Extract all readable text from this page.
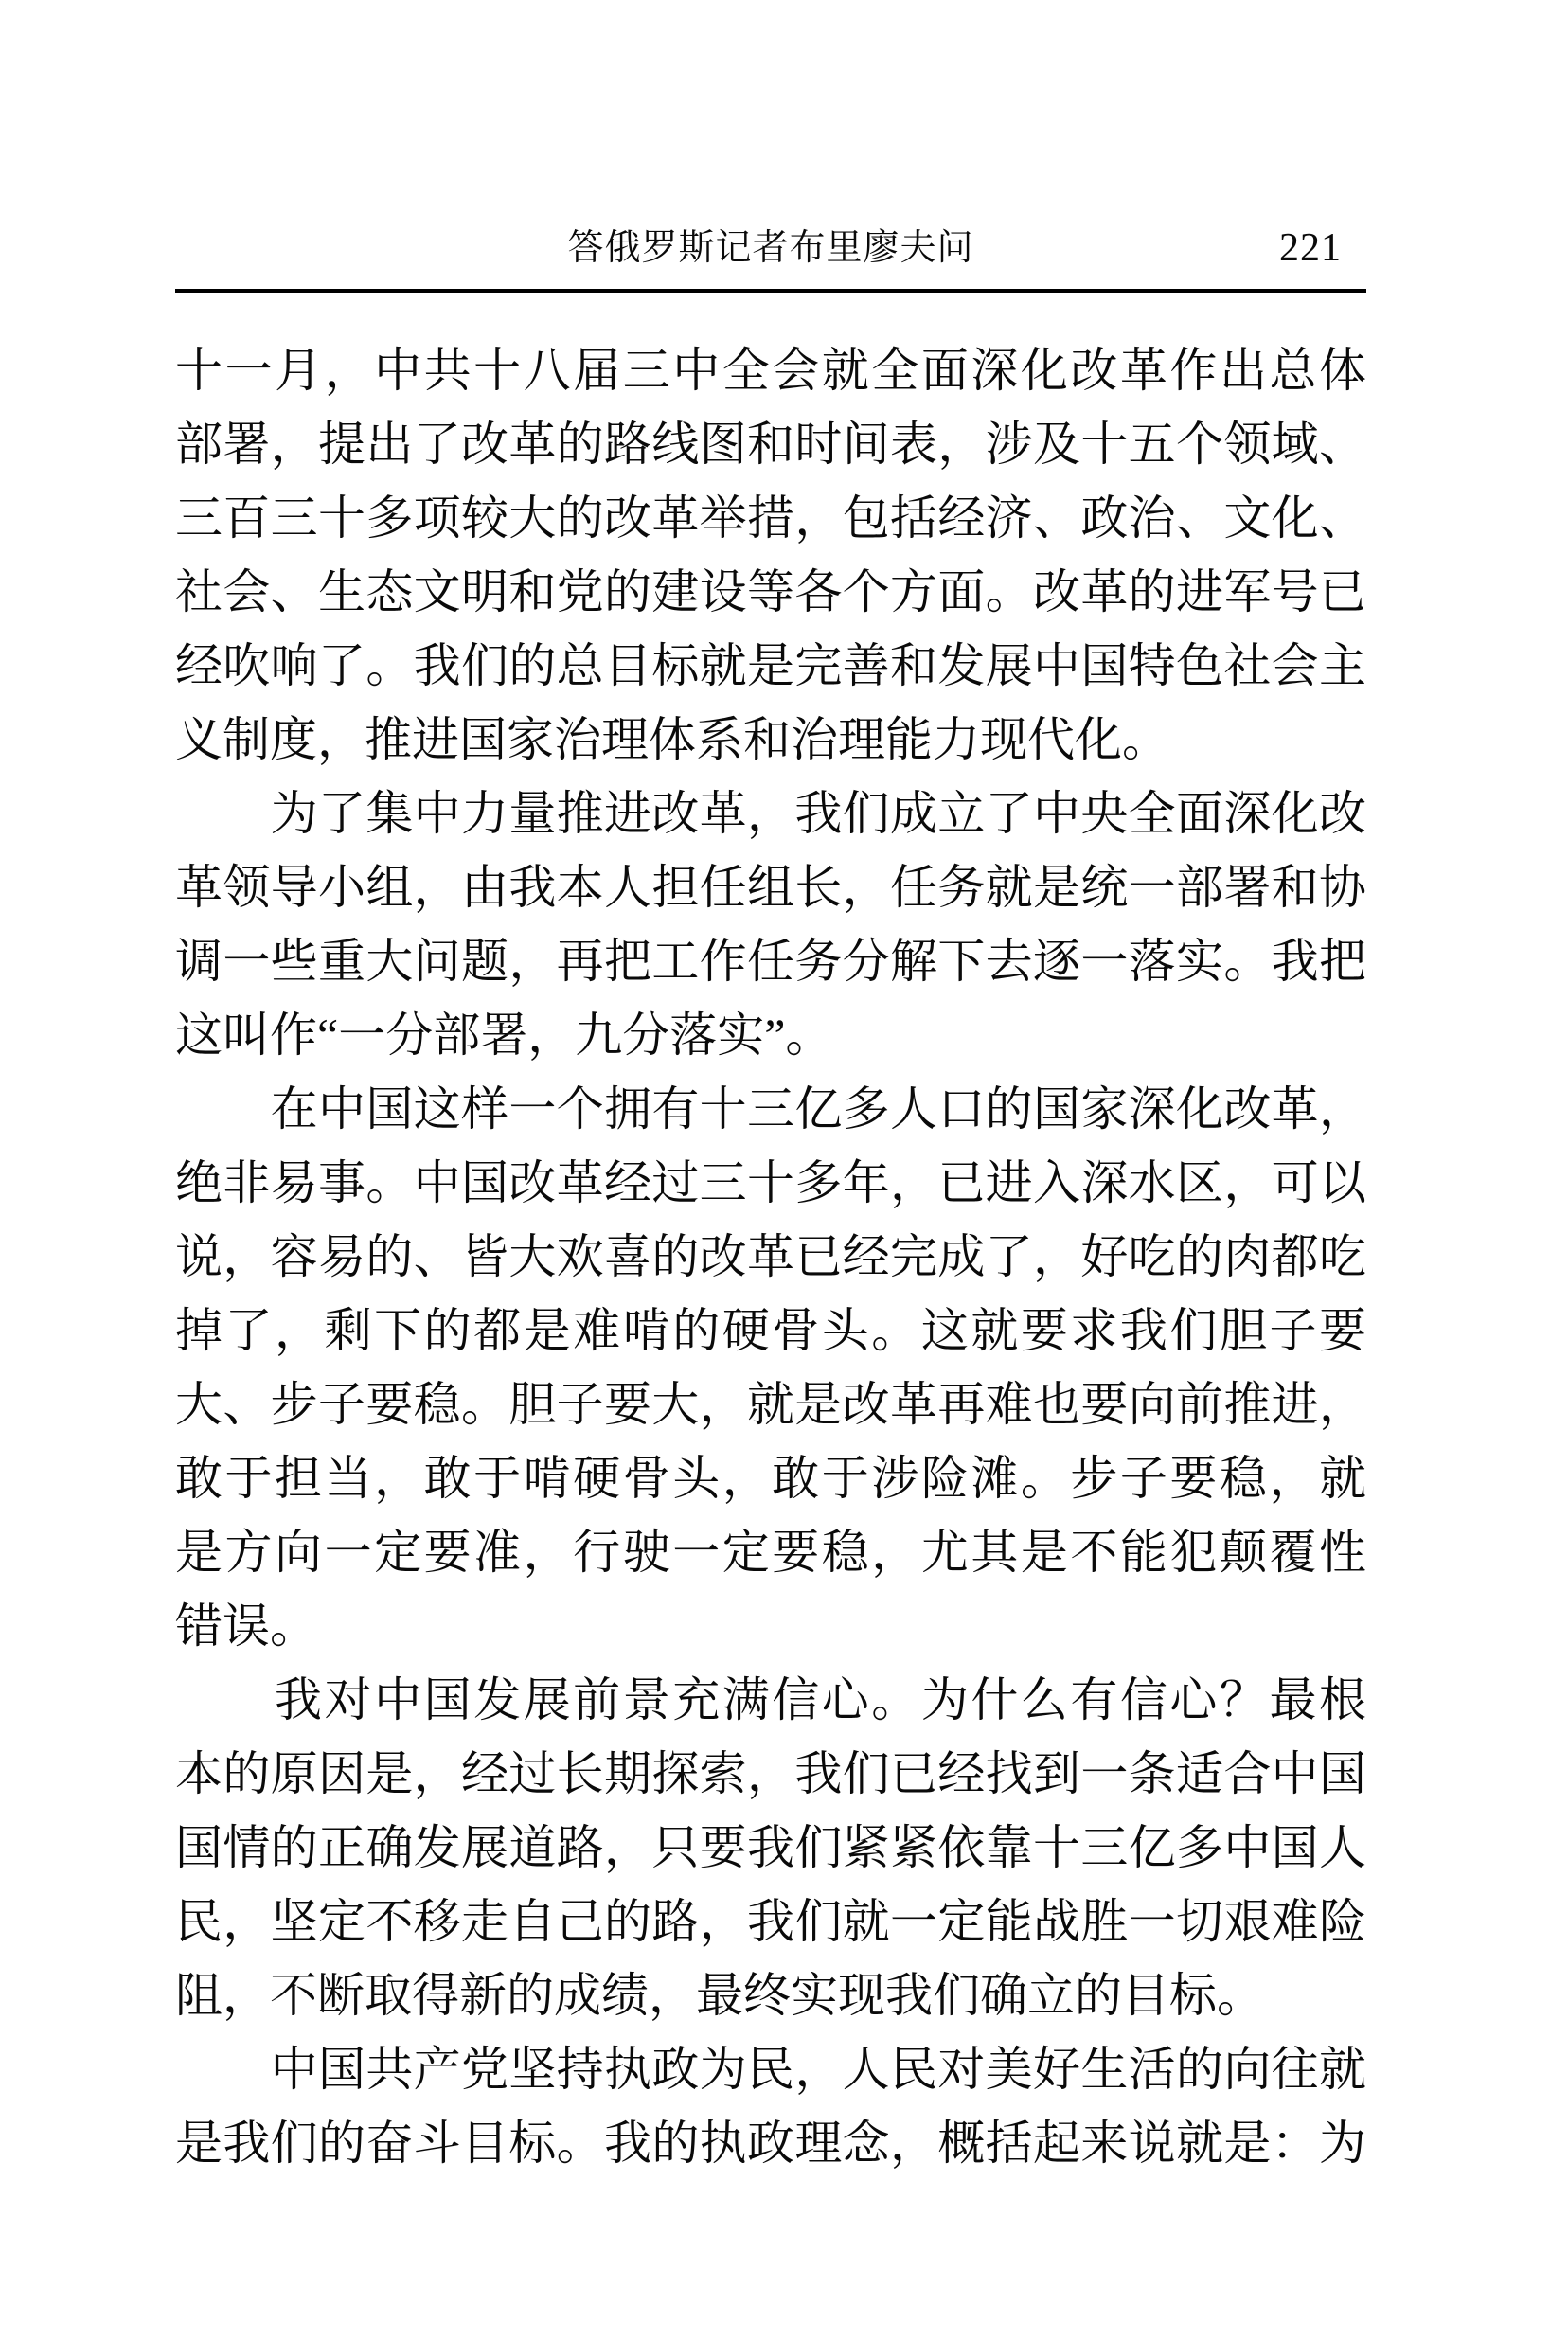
答俄罗斯记者布里廖夫问	221
十一月，中共十八届三中全会就全面深化改革作出总体
部署，提出了改革的路线图和时间表，涉及十五个领域、
三百三十多项较大的改革举措，包括经济、政治、文化、
社会、生态文明和党的建设等各个方面。改革的进军号已
经吹响了。我们的总目标就是完善和发展中国特色社会主
义制度，推进国家治理体系和治理能力现代化。
　　为了集中力量推进改革，我们成立了中央全面深化改
革领导小组，由我本人担任组长，任务就是统一部署和协
调一些重大问题，再把工作任务分解下去逐一落实。我把
这叫作“一分部署，九分落实”。
　　在中国这样一个拥有十三亿多人口的国家深化改革，
绝非易事。中国改革经过三十多年，已进入深水区，可以
说，容易的、皆大欢喜的改革已经完成了，好吃的肉都吃
掉了，剩下的都是难啃的硬骨头。这就要求我们胆子要
大、步子要稳。胆子要大，就是改革再难也要向前推进，
敢于担当，敢于啃硬骨头，敢于涉险滩。步子要稳，就
是方向一定要准，行驶一定要稳，尤其是不能犯颠覆性
错误。
　　我对中国发展前景充满信心。为什么有信心？最根
本的原因是，经过长期探索，我们已经找到一条适合中国
国情的正确发展道路，只要我们紧紧依靠十三亿多中国人
民，坚定不移走自己的路，我们就一定能战胜一切艰难险
阻，不断取得新的成绩，最终实现我们确立的目标。
　　中国共产党坚持执政为民，人民对美好生活的向往就
是我们的奋斗目标。我的执政理念，概括起来说就是：为
